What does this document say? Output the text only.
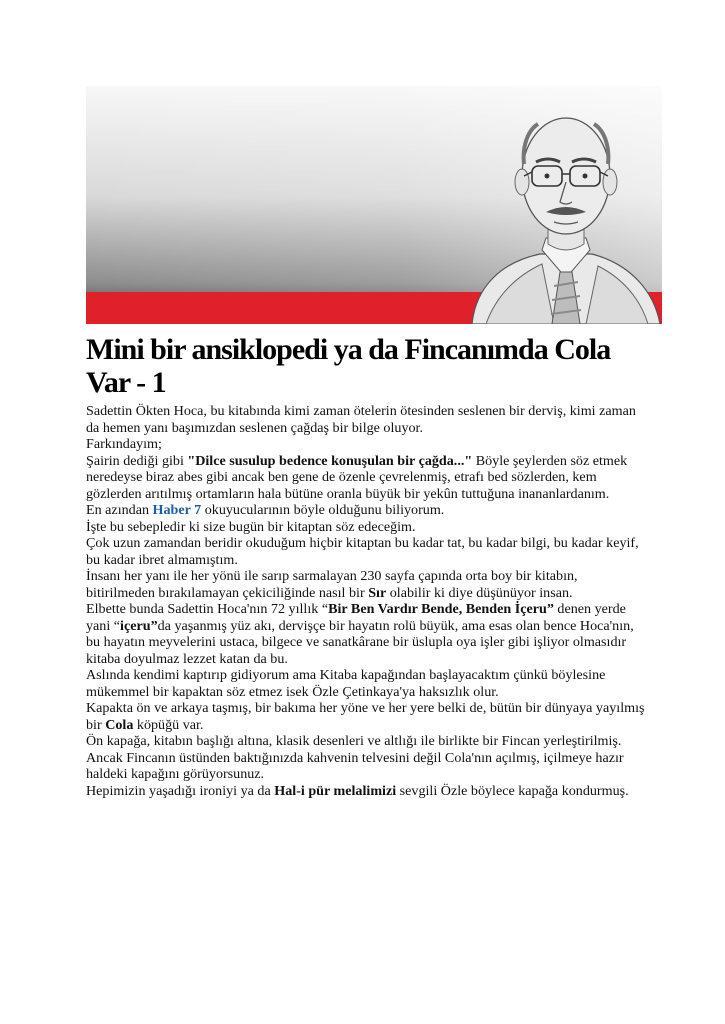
Mini bir ansiklopedi ya da Fincanımda Cola Var - 1

Sadettin Ökten Hoca, bu kitabında kimi zaman ötelerin ötesinden seslenen bir derviş, kimi zaman da hemen yanı başımızdan seslenen çağdaş bir bilge oluyor.

Farkındayım;

Şairin dediği gibi "Dilce susulup bedence konuşulan bir çağda..." Böyle şeylerden söz etmek neredeyse biraz abes gibi ancak ben gene de özenle çevrelenmiş, etrafı bed sözlerden, kem gözlerden arıtılmış ortamların hala bütüne oranla büyük bir yekûn tuttuğuna inananlardanım.

En azından Haber 7 okuyucularının böyle olduğunu biliyorum.

İşte bu sebepledir ki size bugün bir kitaptan söz edeceğim.

Çok uzun zamandan beridir okuduğum hiçbir kitaptan bu kadar tat, bu kadar bilgi, bu kadar keyif, bu kadar ibret almamıştım.

İnsanı her yanı ile her yönü ile sarıp sarmalayan 230 sayfa çapında orta boy bir kitabın, bitirilmeden bırakılamayan çekiciliğinde nasıl bir Sır olabilir ki diye düşünüyor insan.

Elbette bunda Sadettin Hoca'nın 72 yıllık “Bir Ben Vardır Bende, Benden İçeru” denen yerde yani “içeru”da yaşanmış yüz akı, dervişçe bir hayatın rolü büyük, ama esas olan bence Hoca'nın, bu hayatın meyvelerini ustaca, bilgece ve sanatkârane bir üslupla oya işler gibi işliyor olmasıdır kitaba doyulmaz lezzet katan da bu.

Aslında kendimi kaptırıp gidiyorum ama Kitaba kapağından başlayacaktım çünkü böylesine mükemmel bir kapaktan söz etmez isek Özle Çetinkaya'ya haksızlık olur.

Kapakta ön ve arkaya taşmış, bir bakıma her yöne ve her yere belki de, bütün bir dünyaya yayılmış   bir Cola köpüğü var.

Ön kapağa, kitabın başlığı altına, klasik desenleri ve altlığı ile birlikte bir Fincan yerleştirilmiş.

Ancak Fincanın üstünden baktığınızda kahvenin telvesini değil Cola'nın açılmış, içilmeye hazır haldeki kapağını görüyorsunuz.

Hepimizin yaşadığı ironiyi ya da Hal-i pür melalimizi sevgili Özle böylece kapağa kondurmuş.
